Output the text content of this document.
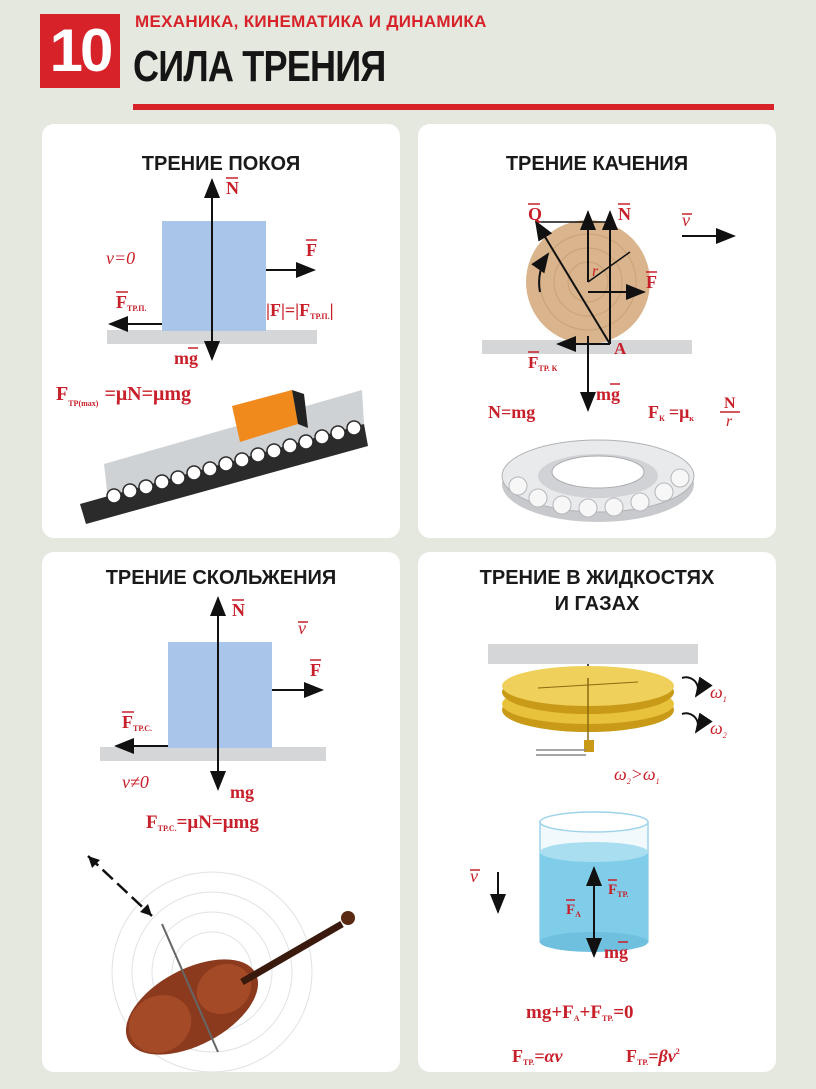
10	МЕХАНИКА, КИНЕМАТИКА И ДИНАМИКА
СИЛА ТРЕНИЯ
ТРЕНИЕ ПОКОЯ
N
F
v=0
FТР.П.	|F|=|FТР.П.|
mg
$F_{ТР(max)} =\mu N=\mu mg$
ТРЕНИЕ КАЧЕНИЯ
Q	N	v
r
F
A
FТР. К
mg
N=mg	FК =μк
N
r
ТРЕНИЕ СКОЛЬЖЕНИЯ
N
v
F
FТР.С.
v≠0	mg
FТР.С.=μN=μmg
ТРЕНИЕ В ЖИДКОСТЯХ
И ГАЗАХ
$\omega_1$
$\omega_2$
$\omega_2>\omega_1$
v
$F_A$
$F_{ТР.}$
mg
mg+FA+FТР.=0
FТР.=αv	$FТР.=\beta v^2$
